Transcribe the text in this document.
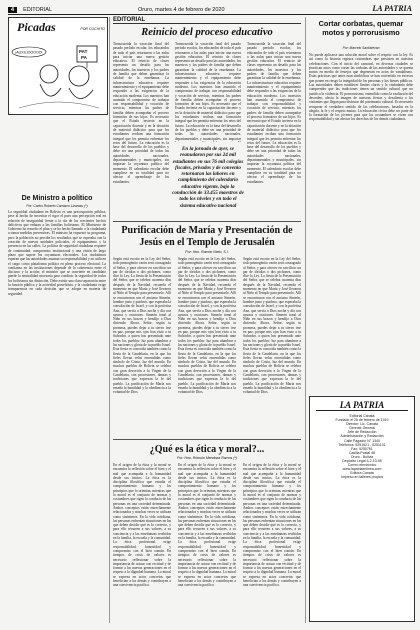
4	EDITORIAL	Oruro, martes 4 de febrero de 2020	LA PATRIA
Picadas
¡AUXILIOOOOO!	PAT
PA
POR COCHITO
De Ministro a político
Por: Carlos Roberto Carrasco Lizarazu (*)
La seguridad ciudadana en Bolivia es una preocupación pública, pese al hecho de necesitar el rigor el pues una percepción real en relación de inseguridad frente a la ola de los crecientes hechos delictivos que enlutan a las familias bolivianas. El Ministerio de Gobierno ha resuelto el plan y se ha hecho llamado a la ciudadanía a tomar medidas preventivas. El ministro ha expuesto su programa, pero la población no percibe los resultados que se esperaba con la creación de nuevas unidades policiales, el equipamiento y la presencia en las calles. La política de seguridad ciudadana requiere de continuidad, compromiso institucional y una visión de largo plazo que supere las coyunturas electorales. Los ciudadanos esperan que las autoridades asuman su responsabilidad y no utilicen el cargo como plataforma política en pleno proceso electoral. La confianza en las instituciones depende de la coherencia entre el discurso y la acción; el ministro que se convierte en candidato pierde la neutralidad necesaria para conducir la seguridad de todos los bolivianos sin distinción. Debe existir una clara separación entre la función pública y la actividad proselitista, y la ciudadanía exige transparencia en cada decisión que se adopte en materia de seguridad.
EDITORIAL
Reinicio del proceso educativo
Transcurrida la vacación final del pasado período escolar, los educandos de todo el país retornaron a las aulas para iniciar una nueva gestión educativa. El reinicio de clases representa un desafío para las autoridades, los maestros y los padres de familia que deben garantizar la calidad de la enseñanza. La infraestructura educativa requiere mantenimiento y el equipamiento debe responder a las exigencias de la educación moderna. Los maestros han asumido el compromiso de trabajar con responsabilidad y vocación de servicio, mientras los padres de familia deben acompañar el proceso formativo de sus hijos. Es necesario que el Estado invierta en la capacitación docente y en la dotación de material didáctico para que los estudiantes reciban una formación integral que les permita enfrentar los retos del futuro. La educación es la base del desarrollo de los pueblos y debe ser una prioridad de todas las autoridades nacionales, departamentales y municipales, sin importar la coyuntura política del momento. El calendario escolar debe cumplirse en su totalidad para no afectar el aprendizaje de los estudiantes.
Transcurrida la vacación final del pasado período escolar, los educandos de todo el país retornaron a las aulas para iniciar una nueva gestión educativa. El reinicio de clases representa un desafío para las autoridades, los maestros y los padres de familia que deben garantizar la calidad de la enseñanza. La infraestructura educativa requiere mantenimiento y el equipamiento debe responder a las exigencias de la educación moderna. Los maestros han asumido el compromiso de trabajar con responsabilidad y vocación de servicio, mientras los padres de familia deben acompañar el proceso formativo de sus hijos. Es necesario que el Estado invierta en la capacitación docente y en la dotación de material didáctico para que los estudiantes reciban una formación integral que les permita enfrentar los retos del futuro. La educación es la base del desarrollo de los pueblos y debe ser una prioridad de todas las autoridades nacionales, departamentales y municipales, sin importar
En la jornada de ayer, se reanudaron por sus 24 mil estudiantes en sus 76 mil colegios fiscales, privados y de convenio retornaron las labores en cumplimiento del calendario educativo vigente, bajo la conducción de 33.455 maestros de todo los niveles y en todo el sistema educativo nacional
Transcurrida la vacación final del pasado período escolar, los educandos de todo el país retornaron a las aulas para iniciar una nueva gestión educativa. El reinicio de clases representa un desafío para las autoridades, los maestros y los padres de familia que deben garantizar la calidad de la enseñanza. La infraestructura educativa requiere mantenimiento y el equipamiento debe responder a las exigencias de la educación moderna. Los maestros han asumido el compromiso de trabajar con responsabilidad y vocación de servicio, mientras los padres de familia deben acompañar el proceso formativo de sus hijos. Es necesario que el Estado invierta en la capacitación docente y en la dotación de material didáctico para que los estudiantes reciban una formación integral que les permita enfrentar los retos del futuro. La educación es la base del desarrollo de los pueblos y debe ser una prioridad de todas las autoridades nacionales, departamentales y municipales, sin importar la coyuntura política del momento. El calendario escolar debe cumplirse en su totalidad para no afectar el aprendizaje de los estudiantes.
Purificación de María y Presentación de Jesús en el Templo de Jerusalén
Por: Hno. Ramón Nieto, S.I.
Según está escrito en la Ley del Señor, todo primogénito varón será consagrado al Señor, y para ofrecer en sacrificio un par de tórtolas o dos pichones, como dice la Ley. La fiesta de la Presentación del Señor, que se celebra cuarenta días después de la Navidad, recuerda el momento en que María y José llevaron al Niño al Templo para presentarlo. Allí se encontraron con el anciano Simeón, hombre justo y piadoso, que esperaba la consolación de Israel, y con la profetisa Ana, que servía a Dios noche y día con ayunos y oraciones. Simeón tomó al Niño en sus brazos y bendijo a Dios diciendo: Ahora, Señor, según tu promesa, puedes dejar a tu siervo irse en paz, porque mis ojos han visto a tu Salvador, a quien has presentado ante todos los pueblos: luz para alumbrar a las naciones y gloria de tu pueblo Israel. Esta fiesta es conocida también como la fiesta de la Candelaria, en la que los fieles llevan velas encendidas como símbolo de Cristo, luz del mundo. En muchos pueblos de Bolivia se celebra con gran devoción a la Virgen de la Candelaria, con procesiones, danzas y tradiciones que expresan la fe del pueblo. La purificación de María nos enseña la humildad y la obediencia a la voluntad de Dios.
Según está escrito en la Ley del Señor, todo primogénito varón será consagrado al Señor, y para ofrecer en sacrificio un par de tórtolas o dos pichones, como dice la Ley. La fiesta de la Presentación del Señor, que se celebra cuarenta días después de la Navidad, recuerda el momento en que María y José llevaron al Niño al Templo para presentarlo. Allí se encontraron con el anciano Simeón, hombre justo y piadoso, que esperaba la consolación de Israel, y con la profetisa Ana, que servía a Dios noche y día con ayunos y oraciones. Simeón tomó al Niño en sus brazos y bendijo a Dios diciendo: Ahora, Señor, según tu promesa, puedes dejar a tu siervo irse en paz, porque mis ojos han visto a tu Salvador, a quien has presentado ante todos los pueblos: luz para alumbrar a las naciones y gloria de tu pueblo Israel. Esta fiesta es conocida también como la fiesta de la Candelaria, en la que los fieles llevan velas encendidas como símbolo de Cristo, luz del mundo. En muchos pueblos de Bolivia se celebra con gran devoción a la Virgen de la Candelaria, con procesiones, danzas y tradiciones que expresan la fe del pueblo. La purificación de María nos enseña la humildad y la obediencia a la voluntad de Dios.
Según está escrito en la Ley del Señor, todo primogénito varón será consagrado al Señor, y para ofrecer en sacrificio un par de tórtolas o dos pichones, como dice la Ley. La fiesta de la Presentación del Señor, que se celebra cuarenta días después de la Navidad, recuerda el momento en que María y José llevaron al Niño al Templo para presentarlo. Allí se encontraron con el anciano Simeón, hombre justo y piadoso, que esperaba la consolación de Israel, y con la profetisa Ana, que servía a Dios noche y día con ayunos y oraciones. Simeón tomó al Niño en sus brazos y bendijo a Dios diciendo: Ahora, Señor, según tu promesa, puedes dejar a tu siervo irse en paz, porque mis ojos han visto a tu Salvador, a quien has presentado ante todos los pueblos: luz para alumbrar a las naciones y gloria de tu pueblo Israel. Esta fiesta es conocida también como la fiesta de la Candelaria, en la que los fieles llevan velas encendidas como símbolo de Cristo, luz del mundo. En muchos pueblos de Bolivia se celebra con gran devoción a la Virgen de la Candelaria, con procesiones, danzas y tradiciones que expresan la fe del pueblo. La purificación de María nos enseña la humildad y la obediencia a la voluntad de Dios.
¿Qué es la ética y moral?...
Por: Hno. Rómulo Mendoza Ramos (*)
En el origen de la ética y la moral se encuentra la reflexión sobre el bien y el mal que acompaña a la humanidad desde sus inicios. La ética es la disciplina filosófica que estudia el comportamiento humano y los principios que lo orientan, mientras que la moral es el conjunto de normas y costumbres que rigen la conducta de las personas en una sociedad determinada. Ambos conceptos están estrechamente relacionados y muchas veces se utilizan como sinónimos. En la vida cotidiana, las personas enfrentan situaciones en las que deben decidir qué es lo correcto, y para ello recurren a sus valores, a su conciencia y a las enseñanzas recibidas en la familia, la escuela y la comunidad. La ética profesional exige responsabilidad, honestidad y compromiso con el bien común. En tiempos de crisis de valores es necesario reflexionar sobre la importancia de actuar con rectitud y de formar a las nuevas generaciones en el respeto a la dignidad humana. La moral se expresa en actos concretos que benefician a los demás y contribuyen a una convivencia pacífica.
En el origen de la ética y la moral se encuentra la reflexión sobre el bien y el mal que acompaña a la humanidad desde sus inicios. La ética es la disciplina filosófica que estudia el comportamiento humano y los principios que lo orientan, mientras que la moral es el conjunto de normas y costumbres que rigen la conducta de las personas en una sociedad determinada. Ambos conceptos están estrechamente relacionados y muchas veces se utilizan como sinónimos. En la vida cotidiana, las personas enfrentan situaciones en las que deben decidir qué es lo correcto, y para ello recurren a sus valores, a su conciencia y a las enseñanzas recibidas en la familia, la escuela y la comunidad. La ética profesional exige responsabilidad, honestidad y compromiso con el bien común. En tiempos de crisis de valores es necesario reflexionar sobre la importancia de actuar con rectitud y de formar a las nuevas generaciones en el respeto a la dignidad humana. La moral se expresa en actos concretos que benefician a los demás y contribuyen a una convivencia pacífica.
En el origen de la ética y la moral se encuentra la reflexión sobre el bien y el mal que acompaña a la humanidad desde sus inicios. La ética es la disciplina filosófica que estudia el comportamiento humano y los principios que lo orientan, mientras que la moral es el conjunto de normas y costumbres que rigen la conducta de las personas en una sociedad determinada. Ambos conceptos están estrechamente relacionados y muchas veces se utilizan como sinónimos. En la vida cotidiana, las personas enfrentan situaciones en las que deben decidir qué es lo correcto, y para ello recurren a sus valores, a su conciencia y a las enseñanzas recibidas en la familia, la escuela y la comunidad. La ética profesional exige responsabilidad, honestidad y compromiso con el bien común. En tiempos de crisis de valores es necesario reflexionar sobre la importancia de actuar con rectitud y de formar a las nuevas generaciones en el respeto a la dignidad humana. La moral se expresa en actos concretos que benefician a los demás y contribuyen a una convivencia pacífica.
Cortar corbatas, quemar motos y porrorusismo
Por: Marcelo Santistevan
No puede aplicarse una solución moral sobre el respeto con la ley. Es así como la historia registra costumbres que persisten en nuestras celebraciones. Con el inicio del carnaval, en diversas ciudades se practican actos como cortar las corbatas de las autoridades y se quema motos en medio de festejos que degeneran en actos de vandalismo. Estas prácticas que antes eran simbólicas se han convertido en excesos que ponen en riesgo la integridad de las personas y los bienes públicos. Las autoridades deben establecer límites claros y la ciudadanía debe comprender que las tradiciones tienen un sentido cultural que no justifica la violencia. El porrorusismo, entendido como la exaltación del desorden, afecta la imagen de nuestras fiestas y desalienta a los visitantes que llegan para disfrutar del patrimonio cultural. Es necesario recuperar el verdadero sentido de las celebraciones, basadas en la alegría, la fe y el respeto mutuo. La educación cívica debe ser parte de la formación de los jóvenes para que las costumbres se vivan con responsabilidad y sin afectar los derechos de los demás ciudadanos.
LA PATRIA
Editorial Canata
Fundado el 26 de febrero de 1919
Director: Lic. Canata
Gerente General
Jefe de Redacción
Administración y Redacción
Calle Pagador N° 1340
Teléfonos: 5251521 - 5251131
Fax: 5250781
Casilla Postal 48
Oruro - Bolivia
Depósito Legal 4-2-13-95
Correo electrónico
www.lapatriaenlinea.com
Editora Canata
Impreso en talleres propios
